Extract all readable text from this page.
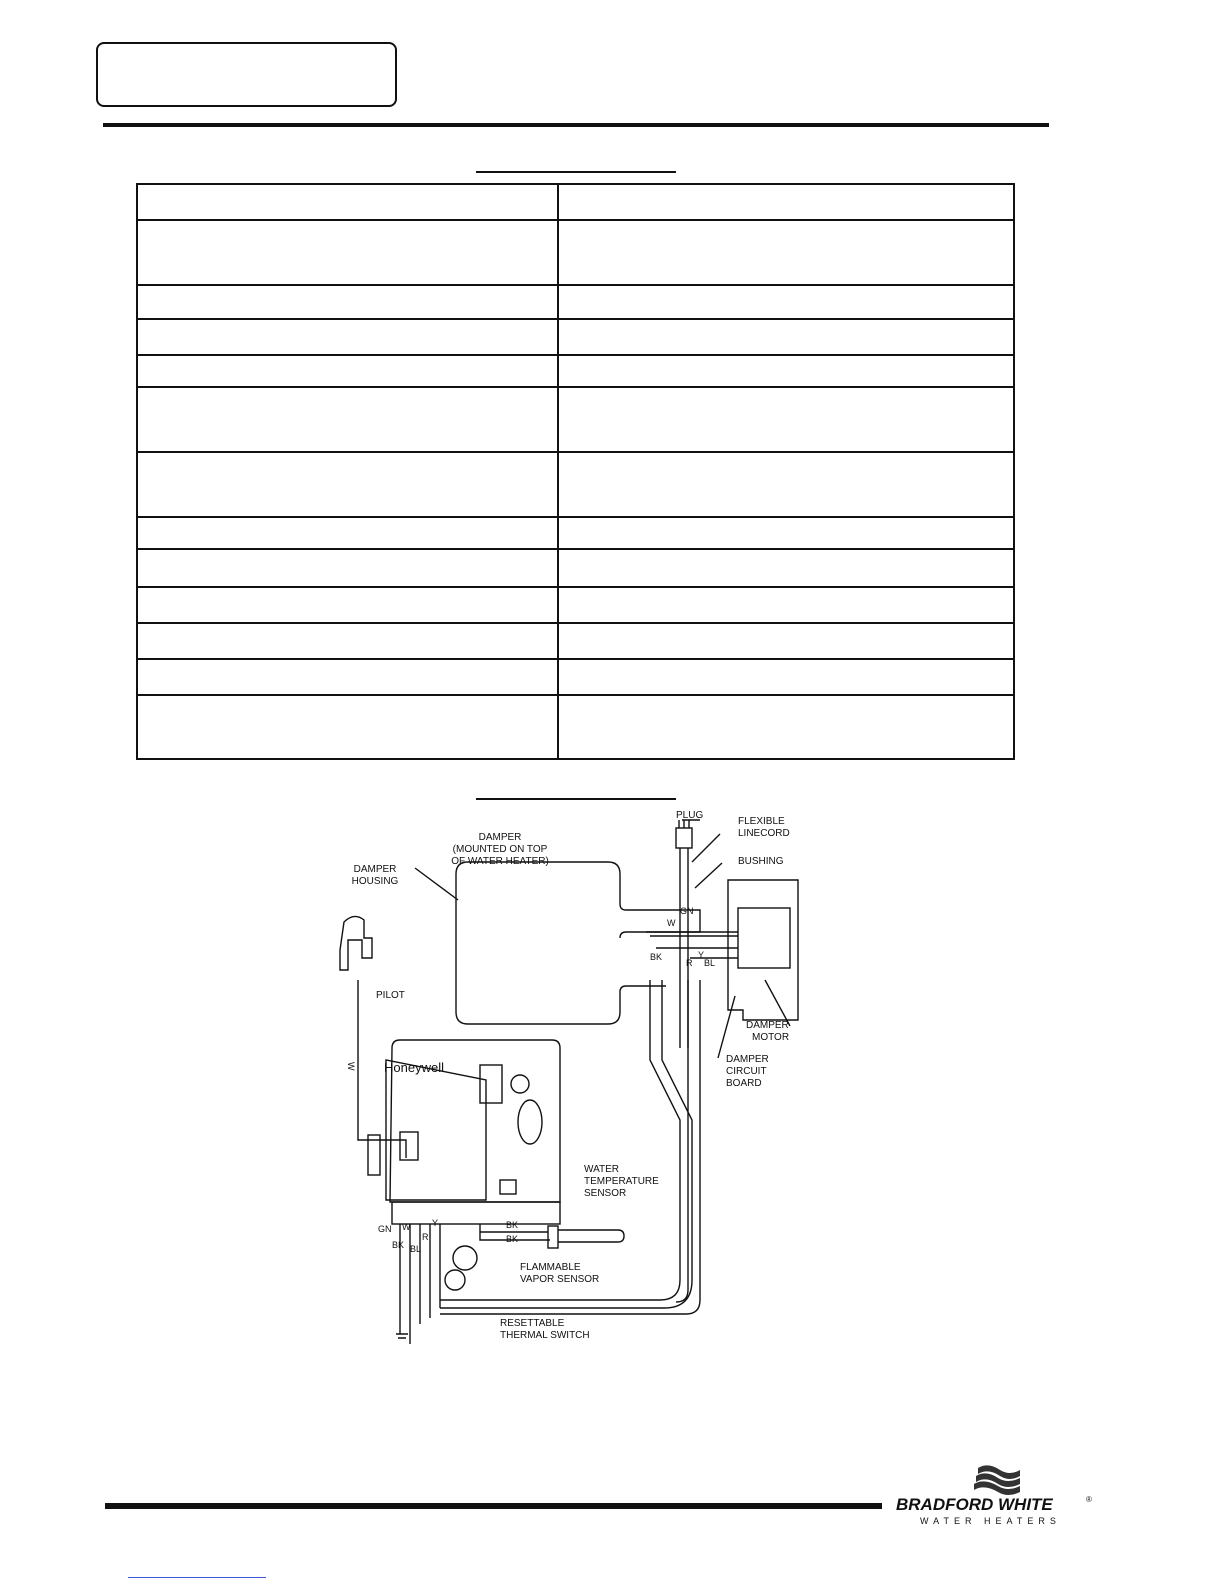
DAMPER
(MOUNTED ON TOP
OF WATER HEATER)
DAMPER
HOUSING
PLUG
FLEXIBLE
LINECORD
BUSHING
PILOT
DAMPER
MOTOR
DAMPER
CIRCUIT
BOARD
WATER
TEMPERATURE
SENSOR
FLAMMABLE
VAPOR SENSOR
RESETTABLE
THERMAL SWITCH
Honeywell
W
GN
BK
R
Y
BL
W
GN
BK
W
BL
R
Y	BK
BK
BRADFORD WHITE	®
WATER HEATERS
